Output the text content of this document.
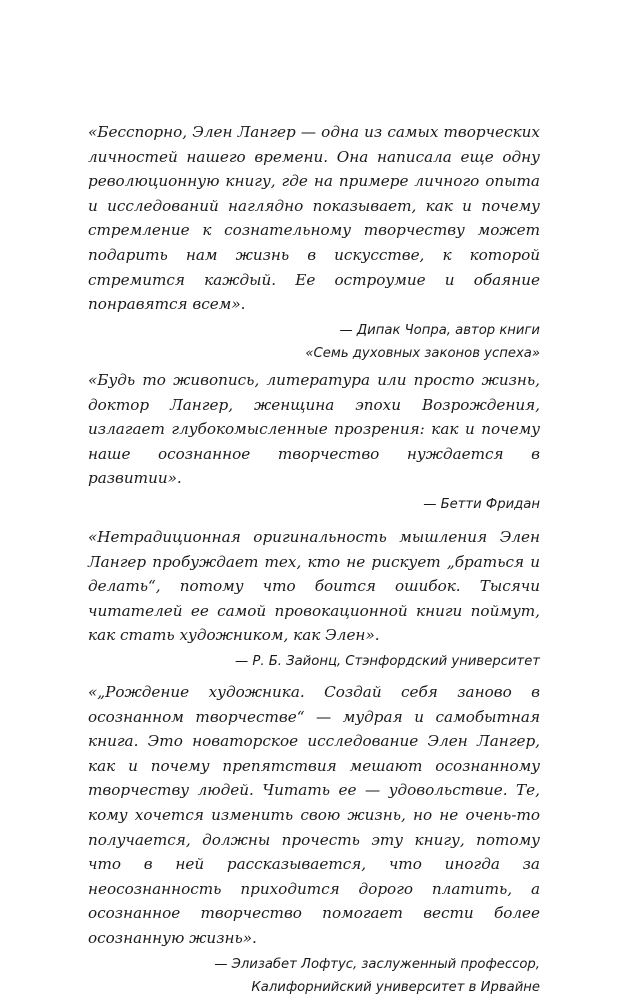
«Бесспорно, Элен Лангер — одна из самых творческих личностей нашего времени. Она написала еще одну революционную книгу, где на примере личного опыта и исследований наглядно показывает, как и почему стремление к сознательному творчеству может подарить нам жизнь в искусстве, к которой стремится каждый. Ее остроумие и обаяние понравятся всем».

— Дипак Чопра, автор книги
«Семь духовных законов успеха»

«Будь то живопись, литература или просто жизнь, доктор Лангер, женщина эпохи Возрождения, излагает глубокомысленные прозрения: как и почему наше осознанное творчество нуждается в развитии».

— Бетти Фридан

«Нетрадиционная оригинальность мышления Элен Лангер пробуждает тех, кто не рискует „браться и делать“, потому что боится ошибок. Тысячи читателей ее самой провокационной книги поймут, как стать художником, как Элен».

— Р. Б. Зайонц, Стэнфордский университет

«„Рождение художника. Создай себя заново в осознанном творчестве“ — мудрая и самобытная книга. Это новаторское исследование Элен Лангер, как и почему препятствия мешают осознанному творчеству людей. Читать ее — удовольствие. Те, кому хочется изменить свою жизнь, но не очень-то получается, должны прочесть эту книгу, потому что в ней рассказывается, что иногда за неосознанность приходится дорого платить, а осознанное творчество помогает вести более осознанную жизнь».

— Элизабет Лофтус, заслуженный профессор,
Калифорнийский университет в Ирвайне
